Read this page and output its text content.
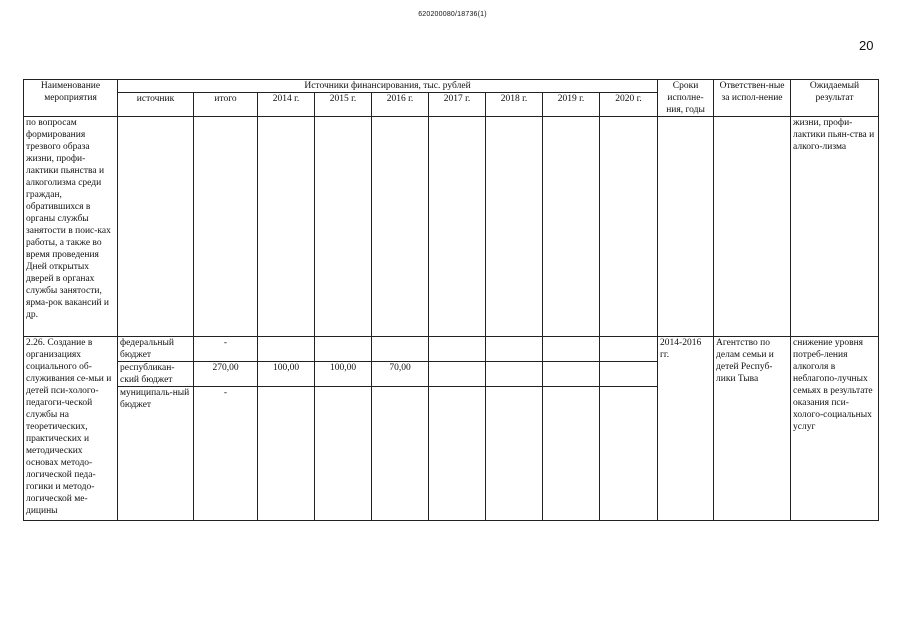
620200080/18736(1)
20
Наименование мероприятия	Источники финансирования, тыс. рублей									Сроки исполне-ния, годы	Ответствен-ные за испол-нение	Ожидаемый результат
	источник	итого	2014 г.	2015 г.	2016 г.	2017 г.	2018 г.	2019 г.	2020 г.			
по вопросам формирования трезвого образа жизни, профи-лактики пьянства и алкоголизма среди граждан, обратившихся в органы службы занятости в поис-ках работы, а также во время проведения Дней открытых дверей в органах службы занятости, ярма-рок вакансий и др.												жизни, профи-лактики пьян-ства и алкого-лизма
2.26. Создание в организациях социального об-служивания се-мьи и детей пси-холого-педагоги-ческой службы на теоретических, практических и методических основах методо-логической педа-гогики и методо-логической ме-дицины	федеральный бюджет	-								2014-2016 гг.	Агентство по делам семьи и детей Респуб-лики Тыва	снижение уровня потреб-ления алкоголя в неблагопо-лучных семьях в результате оказания пси-холого-социальных услуг
	республикан-ский бюджет	270,00	100,00	100,00	70,00							
	муниципаль-ный бюджет	-										
